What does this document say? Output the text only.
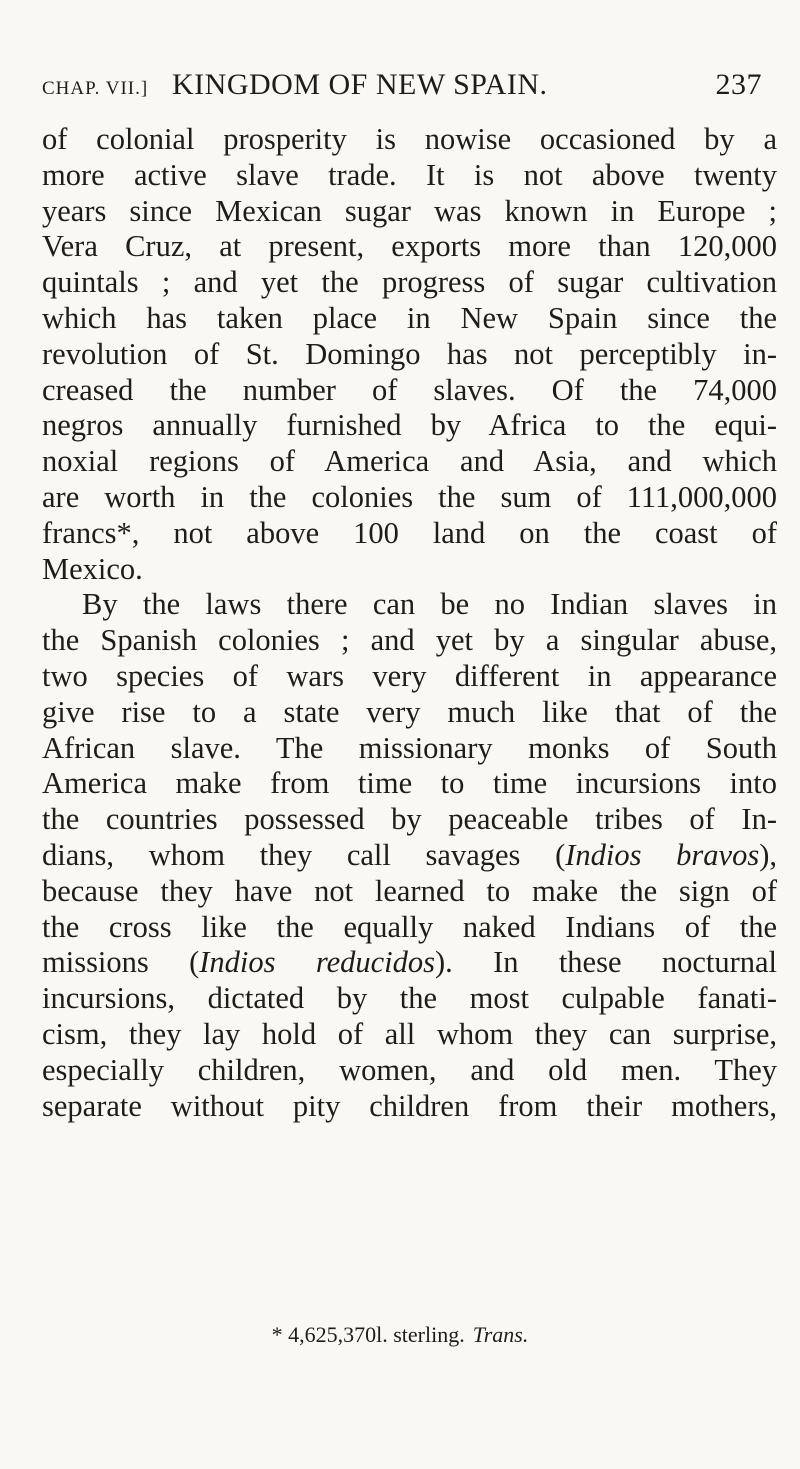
CHAP. VII.] KINGDOM OF NEW SPAIN.	237
of colonial prosperity is nowise occasioned by a
more active slave trade. It is not above twenty
years since Mexican sugar was known in Europe ;
Vera Cruz, at present, exports more than 120,000
quintals ; and yet the progress of sugar cultivation
which has taken place in New Spain since the
revolution of St. Domingo has not perceptibly in-
creased the number of slaves. Of the 74,000
negros annually furnished by Africa to the equi-
noxial regions of America and Asia, and which
are worth in the colonies the sum of 111,000,000
francs*, not above 100 land on the coast of
Mexico.
By the laws there can be no Indian slaves in
the Spanish colonies ; and yet by a singular abuse,
two species of wars very different in appearance
give rise to a state very much like that of the
African slave. The missionary monks of South
America make from time to time incursions into
the countries possessed by peaceable tribes of In-
dians, whom they call savages (Indios bravos),
because they have not learned to make the sign of
the cross like the equally naked Indians of the
missions (Indios reducidos). In these nocturnal
incursions, dictated by the most culpable fanati-
cism, they lay hold of all whom they can surprise,
especially children, women, and old men. They
separate without pity children from their mothers,
* 4,625,370l. sterling. Trans.
